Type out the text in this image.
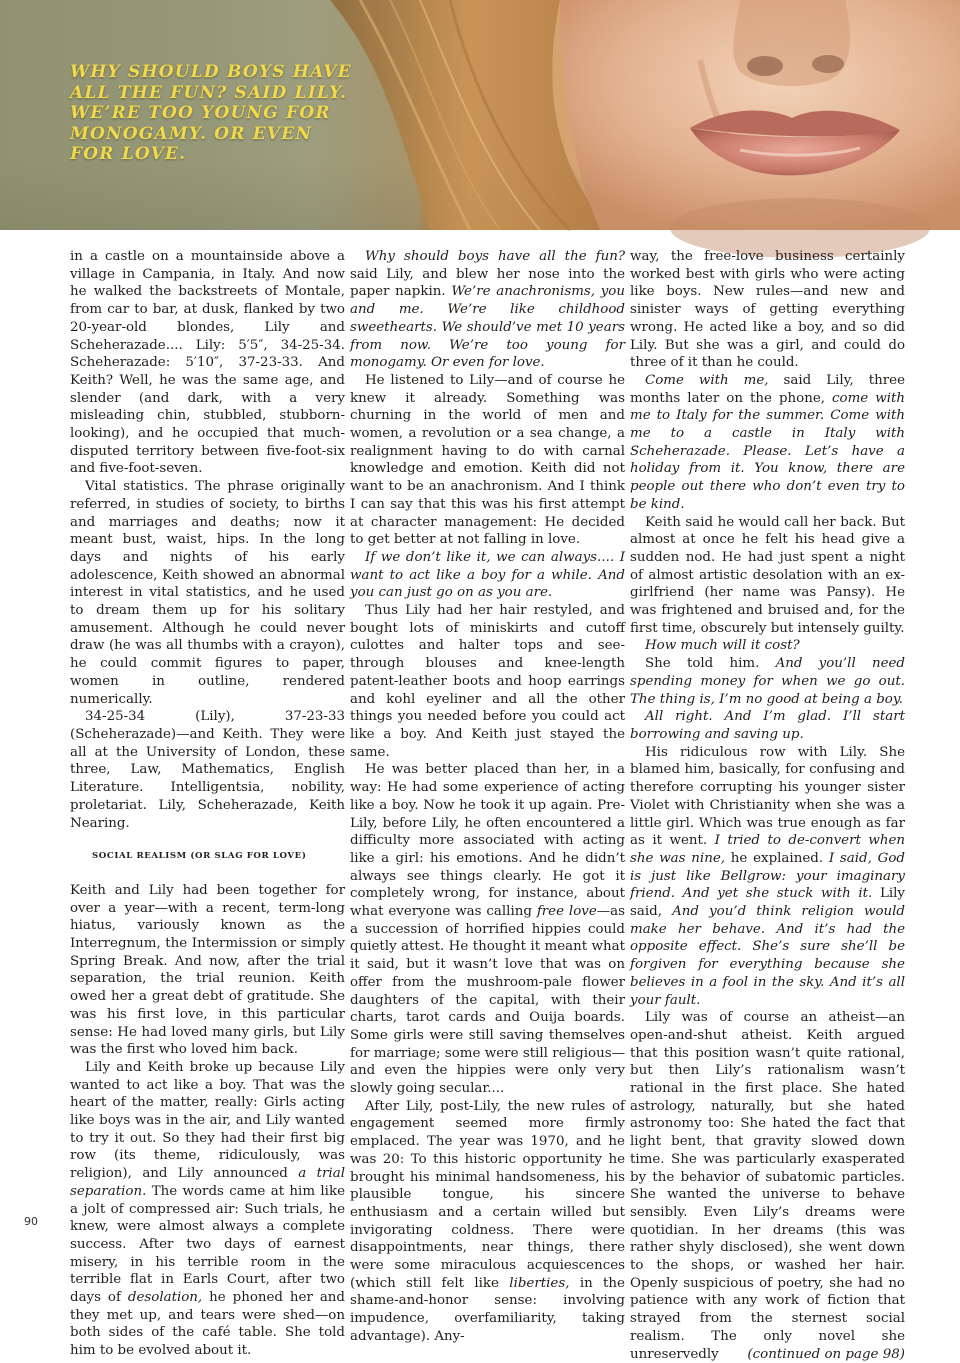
WHY SHOULD BOYS HAVE ALL THE FUN? SAID LILY. WE’RE TOO YOUNG FOR MONOGAMY. OR EVEN FOR LOVE.

in a castle on a mountainside above a village in Campania, in Italy. And now he walked the backstreets of Montale, from car to bar, at dusk, flanked by two 20-year-old blondes, Lily and Scheherazade.... Lily: 5′5″, 34-25-34. Scheherazade: 5′10″, 37-23-33. And Keith? Well, he was the same age, and slender (and dark, with a very misleading chin, stubbled, stubborn-looking), and he occupied that much-disputed territory between five-foot-six and five-foot-seven.

Vital statistics. The phrase originally referred, in studies of society, to births and marriages and deaths; now it meant bust, waist, hips. In the long days and nights of his early adolescence, Keith showed an abnormal interest in vital statistics, and he used to dream them up for his solitary amusement. Although he could never draw (he was all thumbs with a crayon), he could commit figures to paper, women in outline, rendered numerically.

34-25-34 (Lily), 37-23-33 (Scheherazade)—and Keith. They were all at the University of London, these three, Law, Mathematics, English Literature. Intelligentsia, nobility, proletariat. Lily, Scheherazade, Keith Nearing.

SOCIAL REALISM (OR SLAG FOR LOVE)

Keith and Lily had been together for over a year—with a recent, term-long hiatus, variously known as the Interregnum, the Intermission or simply Spring Break. And now, after the trial separation, the trial reunion. Keith owed her a great debt of gratitude. She was his first love, in this particular sense: He had loved many girls, but Lily was the first who loved him back.

Lily and Keith broke up because Lily wanted to act like a boy. That was the heart of the matter, really: Girls acting like boys was in the air, and Lily wanted to try it out. So they had their first big row (its theme, ridiculously, was religion), and Lily announced a trial separation. The words came at him like a jolt of compressed air: Such trials, he knew, were almost always a complete success. After two days of earnest misery, in his terrible room in the terrible flat in Earls Court, after two days of desolation, he phoned her and they met up, and tears were shed—on both sides of the café table. She told him to be evolved about it.

Why should boys have all the fun? said Lily, and blew her nose into the paper napkin. We’re anachronisms, you and me. We’re like childhood sweethearts. We should’ve met 10 years from now. We’re too young for monogamy. Or even for love.

He listened to Lily—and of course he knew it already. Something was churning in the world of men and women, a revolution or a sea change, a realignment having to do with carnal knowledge and emotion. Keith did not want to be an anachronism. And I think I can say that this was his first attempt at character management: He decided to get better at not falling in love.

If we don’t like it, we can always.... I want to act like a boy for a while. And you can just go on as you are.

Thus Lily had her hair restyled, and bought lots of miniskirts and cutoff culottes and halter tops and see-through blouses and knee-length patent-leather boots and hoop earrings and kohl eyeliner and all the other things you needed before you could act like a boy. And Keith just stayed the same.

He was better placed than her, in a way: He had some experience of acting like a boy. Now he took it up again. Pre-Lily, before Lily, he often encountered a difficulty more associated with acting like a girl: his emotions. And he didn’t always see things clearly. He got it completely wrong, for instance, about what everyone was calling free love—as a succession of horrified hippies could quietly attest. He thought it meant what it said, but it wasn’t love that was on offer from the mushroom-pale flower daughters of the capital, with their charts, tarot cards and Ouija boards. Some girls were still saving themselves for marriage; some were still religious—and even the hippies were only very slowly going secular....

After Lily, post-Lily, the new rules of engagement seemed more firmly emplaced. The year was 1970, and he was 20: To this historic opportunity he brought his minimal handsomeness, his plausible tongue, his sincere enthusiasm and a certain willed but invigorating coldness. There were disappointments, near things, there were some miraculous acquiescences (which still felt like liberties, in the shame-and-honor sense: involving impudence, overfamiliarity, taking advantage). Any-

way, the free-love business certainly worked best with girls who were acting like boys. New rules—and new and sinister ways of getting everything wrong. He acted like a boy, and so did Lily. But she was a girl, and could do three of it than he could.

Come with me, said Lily, three months later on the phone, come with me to Italy for the summer. Come with me to a castle in Italy with Scheherazade. Please. Let’s have a holiday from it. You know, there are people out there who don’t even try to be kind.

Keith said he would call her back. But almost at once he felt his head give a sudden nod. He had just spent a night of almost artistic desolation with an ex-girlfriend (her name was Pansy). He was frightened and bruised and, for the first time, obscurely but intensely guilty.

How much will it cost?

She told him. And you’ll need spending money for when we go out. The thing is, I’m no good at being a boy.

All right. And I’m glad. I’ll start borrowing and saving up.

His ridiculous row with Lily. She blamed him, basically, for confusing and therefore corrupting his younger sister Violet with Christianity when she was a little girl. Which was true enough as far as it went. I tried to de-convert when she was nine, he explained. I said, God is just like Bellgrow: your imaginary friend. And yet she stuck with it. Lily said, And you’d think religion would make her behave. And it’s had the opposite effect. She’s sure she’ll be forgiven for everything because she believes in a fool in the sky. And it’s all your fault.

Lily was of course an atheist—an open-and-shut atheist. Keith argued that this position wasn’t quite rational, but then Lily’s rationalism wasn’t rational in the first place. She hated astrology, naturally, but she hated astronomy too: She hated the fact that light bent, that gravity slowed down time. She was particularly exasperated by the behavior of subatomic particles. She wanted the universe to behave sensibly. Even Lily’s dreams were quotidian. In her dreams (this was rather shyly disclosed), she went down to the shops, or washed her hair. Openly suspicious of poetry, she had no patience with any work of fiction that strayed from the sternest social realism. The only novel she unreservedly	(continued on page 98)

90
